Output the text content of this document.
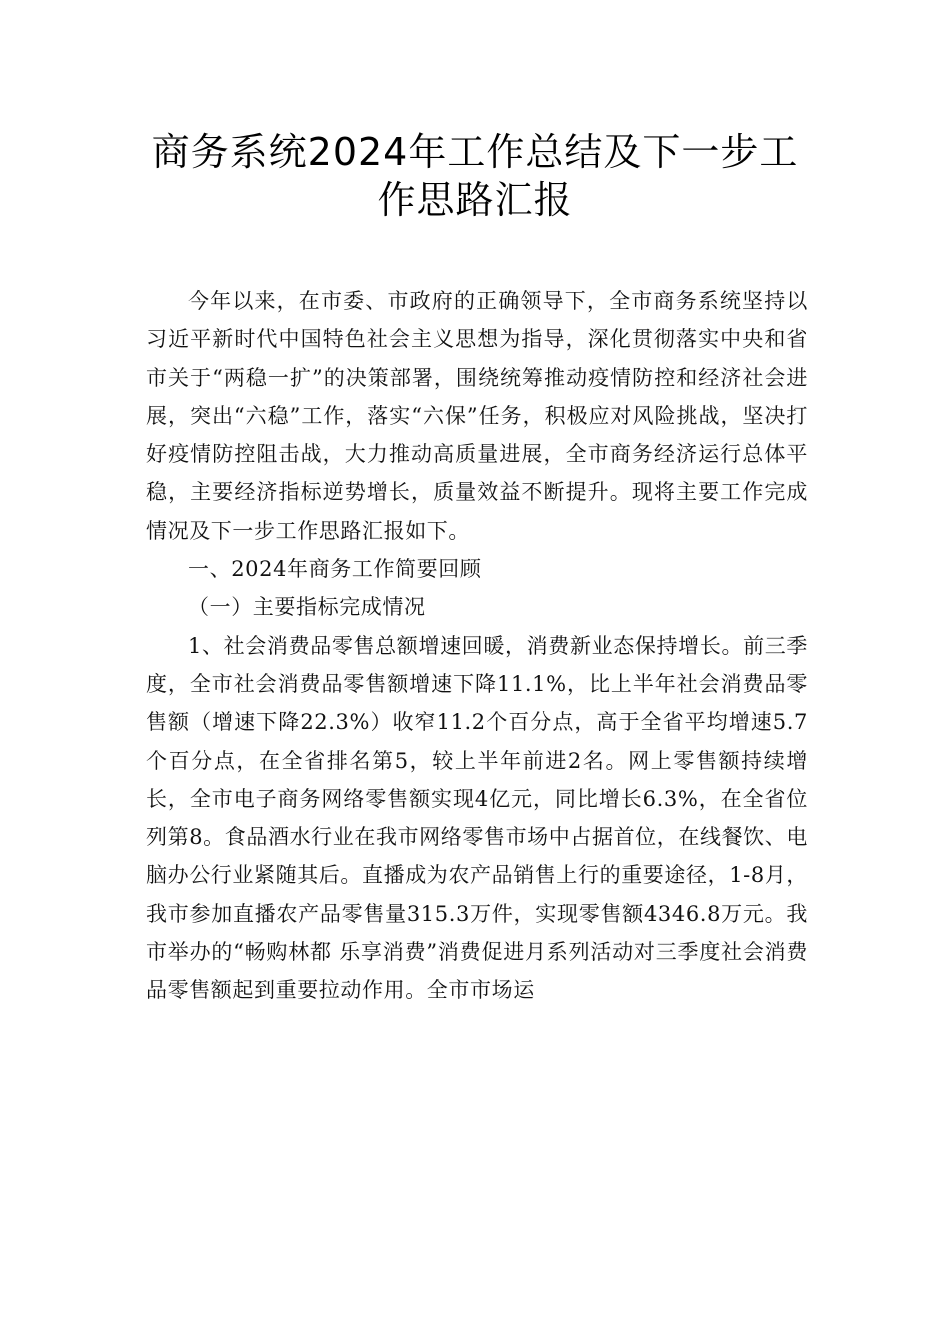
商务系统2024年工作总结及下一步工
作思路汇报

今年以来，在市委、市政府的正确领导下，全市商务系统坚持以习近平新时代中国特色社会主义思想为指导，深化贯彻落实中央和省市关于“两稳一扩”的决策部署，围绕统筹推动疫情防控和经济社会进展，突出“六稳”工作，落实“六保”任务，积极应对风险挑战，坚决打好疫情防控阻击战，大力推动高质量进展，全市商务经济运行总体平稳，主要经济指标逆势增长，质量效益不断提升。现将主要工作完成情况及下一步工作思路汇报如下。

一、2024年商务工作简要回顾

（一）主要指标完成情况

1、社会消费品零售总额增速回暖，消费新业态保持增长。前三季度，全市社会消费品零售额增速下降11.1%，比上半年社会消费品零售额（增速下降22.3%）收窄11.2个百分点，高于全省平均增速5.7个百分点，在全省排名第5，较上半年前进2名。网上零售额持续增长，全市电子商务网络零售额实现4亿元，同比增长6.3%，在全省位列第8。食品酒水行业在我市网络零售市场中占据首位，在线餐饮、电脑办公行业紧随其后。直播成为农产品销售上行的重要途径，1-8月，我市参加直播农产品零售量315.3万件，实现零售额4346.8万元。我市举办的“畅购林都 乐享消费”消费促进月系列活动对三季度社会消费品零售额起到重要拉动作用。全市市场运
